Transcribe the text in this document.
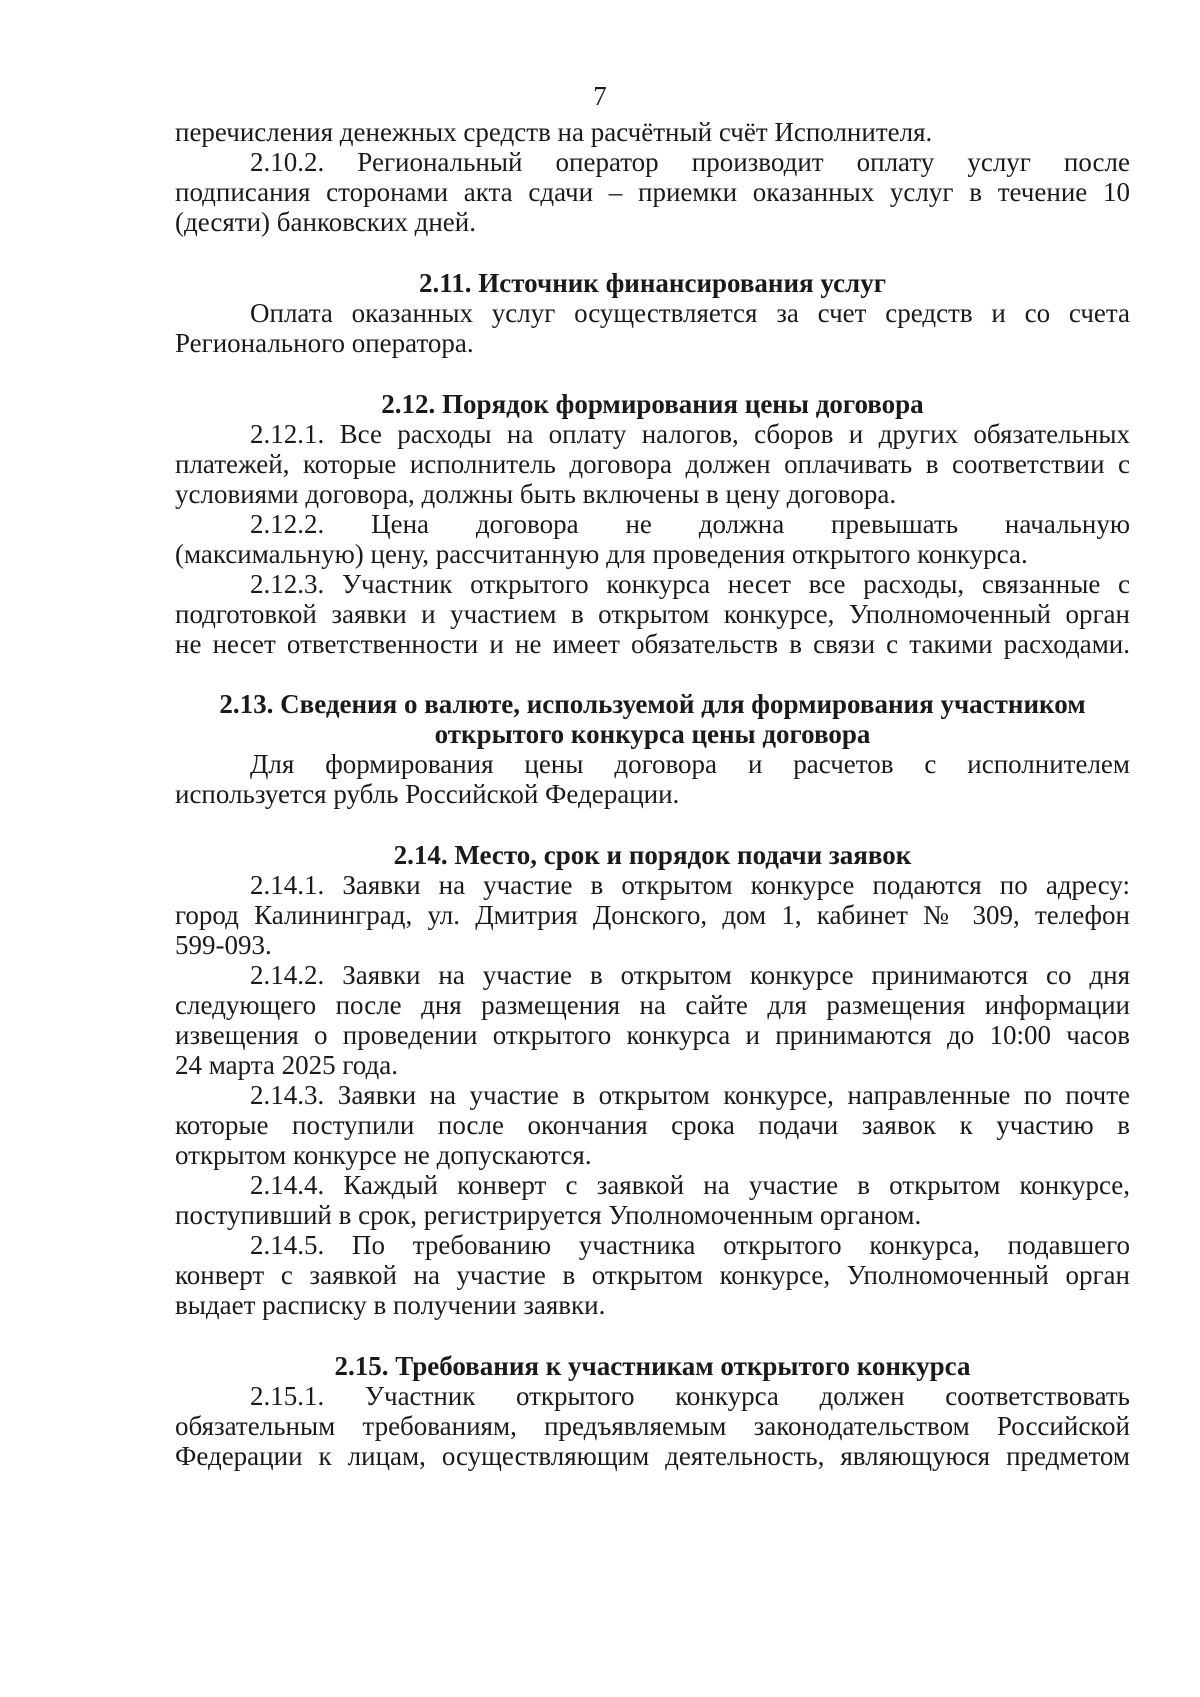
7
перечисления денежных средств на расчётный счёт Исполнителя.
2.10.2. Региональный оператор производит оплату услуг после
подписания сторонами акта сдачи – приемки оказанных услуг в течение 10
(десяти) банковских дней.
2.11. Источник финансирования услуг
Оплата оказанных услуг осуществляется за счет средств и со счета
Регионального оператора.
2.12. Порядок формирования цены договора
2.12.1. Все расходы на оплату налогов, сборов и других обязательных
платежей, которые исполнитель договора должен оплачивать в соответствии с
условиями договора, должны быть включены в цену договора.
2.12.2. Цена договора не должна превышать начальную
(максимальную) цену, рассчитанную для проведения открытого конкурса.
2.12.3. Участник открытого конкурса несет все расходы, связанные с
подготовкой заявки и участием в открытом конкурсе, Уполномоченный орган
не несет ответственности и не имеет обязательств в связи с такими расходами.
2.13. Сведения о валюте, используемой для формирования участником
открытого конкурса цены договора
Для формирования цены договора и расчетов с исполнителем
используется рубль Российской Федерации.
2.14. Место, срок и порядок подачи заявок
2.14.1. Заявки на участие в открытом конкурсе подаются по адресу:
город Калининград, ул. Дмитрия Донского, дом 1, кабинет № 309, телефон
599-093.
2.14.2. Заявки на участие в открытом конкурсе принимаются со дня
следующего после дня размещения на сайте для размещения информации
извещения о проведении открытого конкурса и принимаются до 10:00 часов
24 марта 2025 года.
2.14.3. Заявки на участие в открытом конкурсе, направленные по почте
которые поступили после окончания срока подачи заявок к участию в
открытом конкурсе не допускаются.
2.14.4. Каждый конверт с заявкой на участие в открытом конкурсе,
поступивший в срок, регистрируется Уполномоченным органом.
2.14.5. По требованию участника открытого конкурса, подавшего
конверт с заявкой на участие в открытом конкурсе, Уполномоченный орган
выдает расписку в получении заявки.
2.15. Требования к участникам открытого конкурса
2.15.1. Участник открытого конкурса должен соответствовать
обязательным требованиям, предъявляемым законодательством Российской
Федерации к лицам, осуществляющим деятельность, являющуюся предметом
